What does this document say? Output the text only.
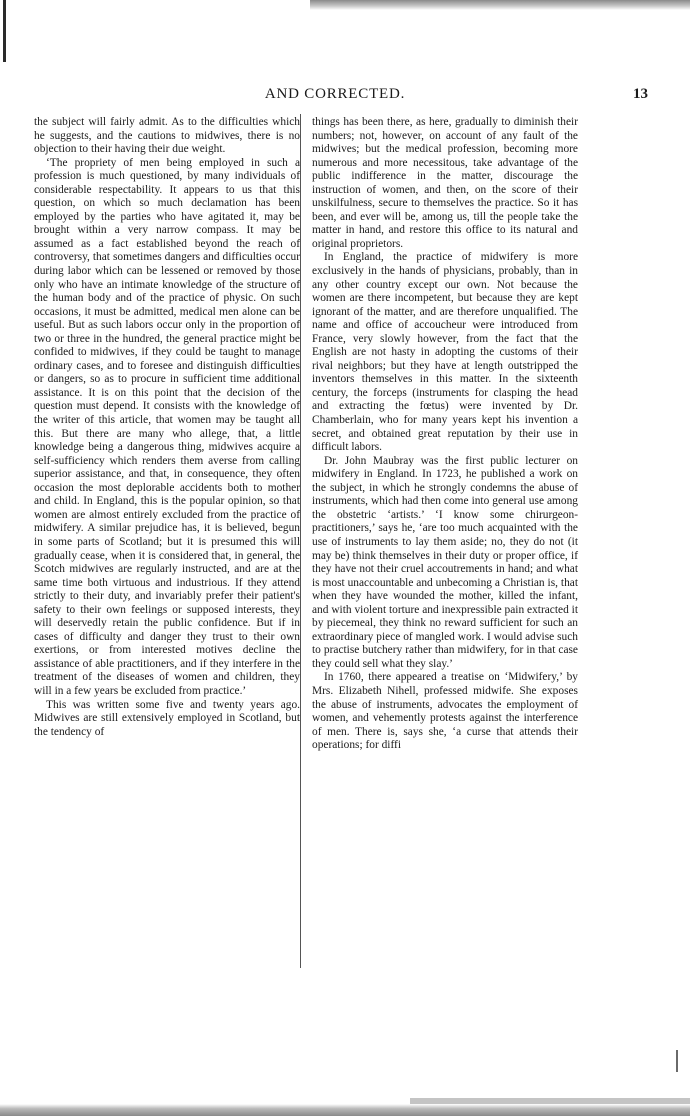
AND CORRECTED.	13

the subject will fairly admit. As to the difficulties which he suggests, and the cautions to midwives, there is no objection to their having their due weight.

‘The propriety of men being employed in such a profession is much questioned, by many individuals of considerable respectability. It appears to us that this question, on which so much declamation has been employed by the parties who have agitated it, may be brought within a very narrow compass. It may be assumed as a fact established beyond the reach of controversy, that sometimes dangers and difficulties occur during labor which can be lessened or removed by those only who have an intimate knowledge of the structure of the human body and of the practice of physic. On such occasions, it must be admitted, medical men alone can be useful. But as such labors occur only in the proportion of two or three in the hundred, the general practice might be confided to midwives, if they could be taught to manage ordinary cases, and to foresee and distinguish difficulties or dangers, so as to procure in sufficient time additional assistance. It is on this point that the decision of the question must depend. It consists with the knowledge of the writer of this article, that women may be taught all this. But there are many who allege, that, a little knowledge being a dangerous thing, midwives acquire a self-sufficiency which renders them averse from calling superior assistance, and that, in consequence, they often occasion the most deplorable accidents both to mother and child. In England, this is the popular opinion, so that women are almost entirely excluded from the practice of midwifery. A similar prejudice has, it is believed, begun in some parts of Scotland; but it is presumed this will gradually cease, when it is considered that, in general, the Scotch midwives are regularly instructed, and are at the same time both virtuous and industrious. If they attend strictly to their duty, and invariably prefer their patient's safety to their own feelings or supposed interests, they will deservedly retain the public confidence. But if in cases of difficulty and danger they trust to their own exertions, or from interested motives decline the assistance of able practitioners, and if they interfere in the treatment of the diseases of women and children, they will in a few years be excluded from practice.’

This was written some five and twenty years ago. Midwives are still extensively employed in Scotland, but the tendency of

things has been there, as here, gradually to diminish their numbers; not, however, on account of any fault of the midwives; but the medical profession, becoming more numerous and more necessitous, take advantage of the public indifference in the matter, discourage the instruction of women, and then, on the score of their unskilfulness, secure to themselves the practice. So it has been, and ever will be, among us, till the people take the matter in hand, and restore this office to its natural and original proprietors.

In England, the practice of midwifery is more exclusively in the hands of physicians, probably, than in any other country except our own. Not because the women are there incompetent, but because they are kept ignorant of the matter, and are therefore unqualified. The name and office of accoucheur were introduced from France, very slowly however, from the fact that the English are not hasty in adopting the customs of their rival neighbors; but they have at length outstripped the inventors themselves in this matter. In the sixteenth century, the forceps (instruments for clasping the head and extracting the fœtus) were invented by Dr. Chamberlain, who for many years kept his invention a secret, and obtained great reputation by their use in difficult labors.

Dr. John Maubray was the first public lecturer on midwifery in England. In 1723, he published a work on the subject, in which he strongly condemns the abuse of instruments, which had then come into general use among the obstetric ‘artists.’ ‘I know some chirurgeon-practitioners,’ says he, ‘are too much acquainted with the use of instruments to lay them aside; no, they do not (it may be) think themselves in their duty or proper office, if they have not their cruel accoutrements in hand; and what is most unaccountable and unbecoming a Christian is, that when they have wounded the mother, killed the infant, and with violent torture and inexpressible pain extracted it by piecemeal, they think no reward sufficient for such an extraordinary piece of mangled work. I would advise such to practise butchery rather than midwifery, for in that case they could sell what they slay.’

In 1760, there appeared a treatise on ‘Midwifery,’ by Mrs. Elizabeth Nihell, professed midwife. She exposes the abuse of instruments, advocates the employment of women, and vehemently protests against the interference of men. There is, says she, ‘a curse that attends their operations; for diffi
